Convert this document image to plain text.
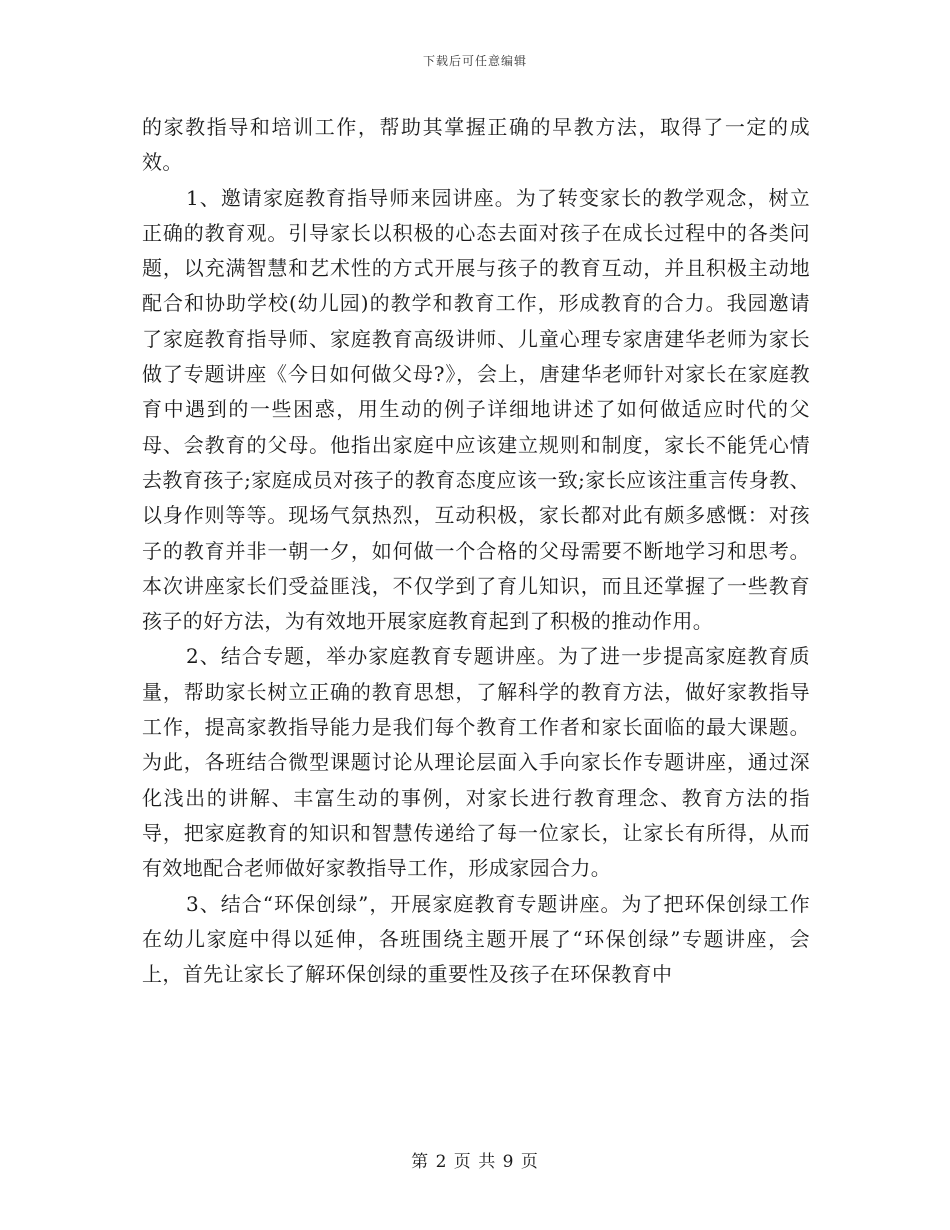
下载后可任意编辑

的家教指导和培训工作，帮助其掌握正确的早教方法，取得了一定的成效。

1、邀请家庭教育指导师来园讲座。为了转变家长的教学观念，树立正确的教育观。引导家长以积极的心态去面对孩子在成长过程中的各类问题，以充满智慧和艺术性的方式开展与孩子的教育互动，并且积极主动地配合和协助学校(幼儿园)的教学和教育工作，形成教育的合力。我园邀请了家庭教育指导师、家庭教育高级讲师、儿童心理专家唐建华老师为家长做了专题讲座《今日如何做父母?》，会上，唐建华老师针对家长在家庭教育中遇到的一些困惑，用生动的例子详细地讲述了如何做适应时代的父母、会教育的父母。他指出家庭中应该建立规则和制度，家长不能凭心情去教育孩子;家庭成员对孩子的教育态度应该一致;家长应该注重言传身教、以身作则等等。现场气氛热烈，互动积极，家长都对此有颇多感慨：对孩子的教育并非一朝一夕，如何做一个合格的父母需要不断地学习和思考。本次讲座家长们受益匪浅，不仅学到了育儿知识，而且还掌握了一些教育孩子的好方法，为有效地开展家庭教育起到了积极的推动作用。

2、结合专题，举办家庭教育专题讲座。为了进一步提高家庭教育质量，帮助家长树立正确的教育思想，了解科学的教育方法，做好家教指导工作，提高家教指导能力是我们每个教育工作者和家长面临的最大课题。为此，各班结合微型课题讨论从理论层面入手向家长作专题讲座，通过深化浅出的讲解、丰富生动的事例，对家长进行教育理念、教育方法的指导，把家庭教育的知识和智慧传递给了每一位家长，让家长有所得，从而有效地配合老师做好家教指导工作，形成家园合力。

3、结合“环保创绿”，开展家庭教育专题讲座。为了把环保创绿工作在幼儿家庭中得以延伸，各班围绕主题开展了“环保创绿”专题讲座，会上，首先让家长了解环保创绿的重要性及孩子在环保教育中

第 2 页 共 9 页
